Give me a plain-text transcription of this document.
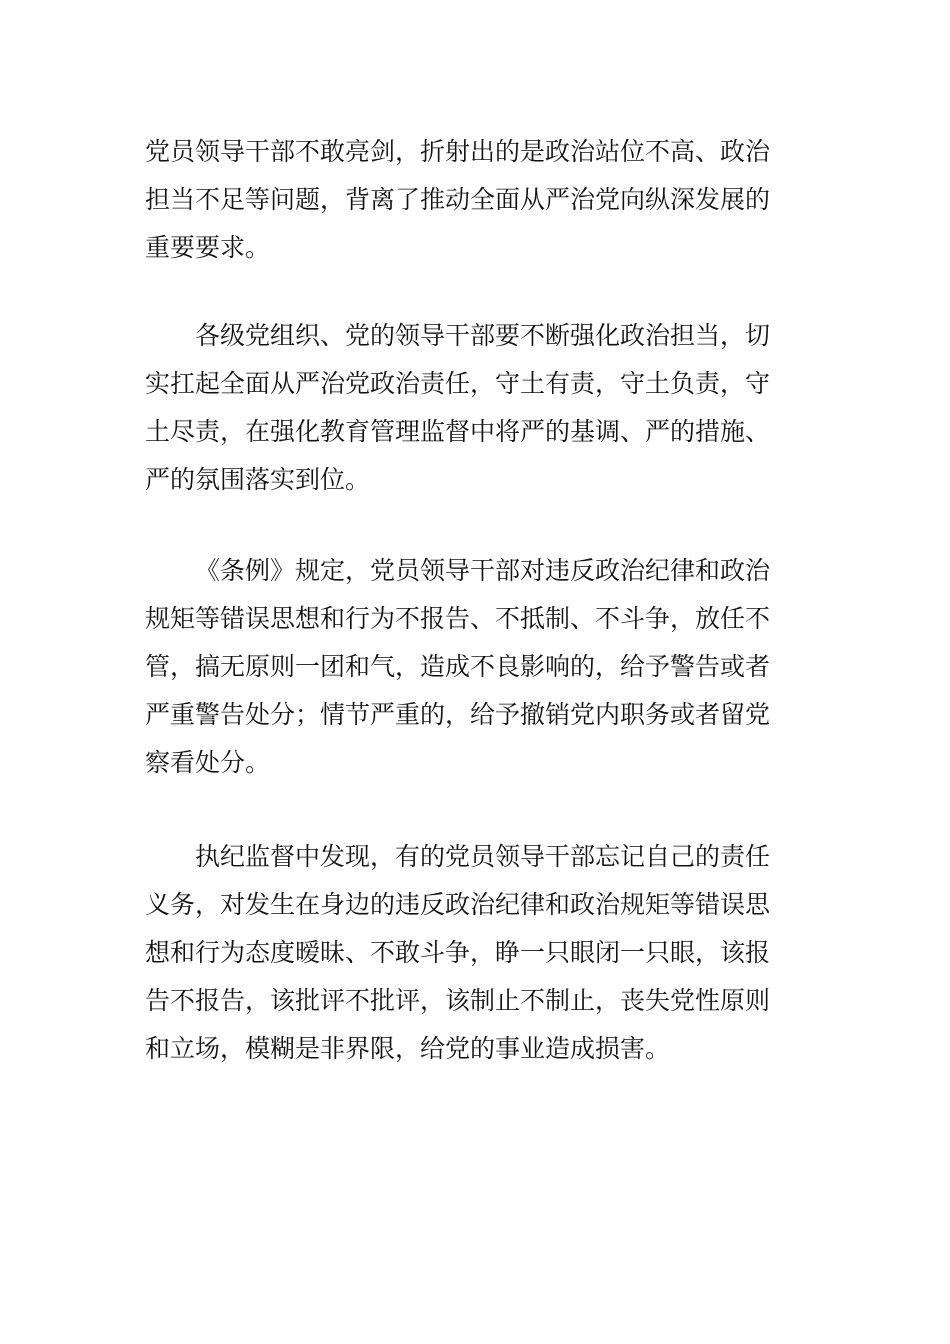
党员领导干部不敢亮剑，折射出的是政治站位不高、政治
担当不足等问题，背离了推动全面从严治党向纵深发展的
重要要求。

各级党组织、党的领导干部要不断强化政治担当，切
实扛起全面从严治党政治责任，守土有责，守土负责，守
土尽责，在强化教育管理监督中将严的基调、严的措施、
严的氛围落实到位。

《条例》规定，党员领导干部对违反政治纪律和政治
规矩等错误思想和行为不报告、不抵制、不斗争，放任不
管，搞无原则一团和气，造成不良影响的，给予警告或者
严重警告处分；情节严重的，给予撤销党内职务或者留党
察看处分。

执纪监督中发现，有的党员领导干部忘记自己的责任
义务，对发生在身边的违反政治纪律和政治规矩等错误思
想和行为态度暧昧、不敢斗争，睁一只眼闭一只眼，该报
告不报告，该批评不批评，该制止不制止，丧失党性原则
和立场，模糊是非界限，给党的事业造成损害。
